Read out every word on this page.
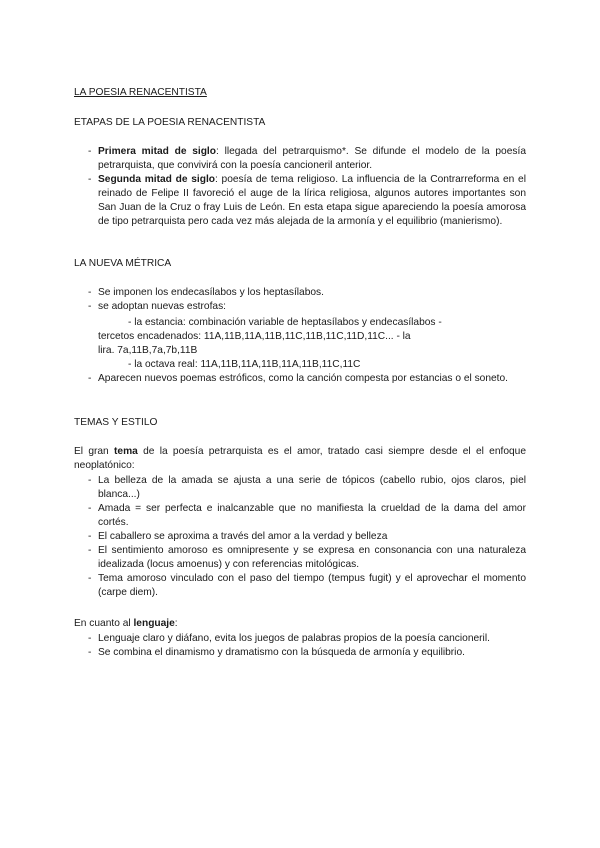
LA POESIA RENACENTISTA
ETAPAS DE LA POESIA RENACENTISTA
- Primera mitad de siglo: llegada del petrarquismo*. Se difunde el modelo de la poesía petrarquista, que convivirá con la poesía cancioneril anterior.
- Segunda mitad de siglo: poesía de tema religioso. La influencia de la Contrarreforma en el reinado de Felipe II favoreció el auge de la lírica religiosa, algunos autores importantes son San Juan de la Cruz o fray Luis de León. En esta etapa sigue apareciendo la poesía amorosa de tipo petrarquista pero cada vez más alejada de la armonía y el equilibrio (manierismo).
LA NUEVA MÉTRICA
- Se imponen los endecasílabos y los heptasílabos.
- se adoptan nuevas estrofas:
- la estancia: combinación variable de heptasílabos y endecasílabos -
tercetos encadenados: 11A,11B,11A,11B,11C,11B,11C,11D,11C... - la
lira. 7a,11B,7a,7b,11B
- la octava real: 11A,11B,11A,11B,11A,11B,11C,11C
- Aparecen nuevos poemas estróficos, como la canción compesta por estancias o el soneto.
TEMAS Y ESTILO
El gran tema de la poesía petrarquista es el amor, tratado casi siempre desde el el enfoque neoplatónico:
- La belleza de la amada se ajusta a una serie de tópicos (cabello rubio, ojos claros, piel blanca...)
- Amada = ser perfecta e inalcanzable que no manifiesta la crueldad de la dama del amor cortés.
- El caballero se aproxima a través del amor a la verdad y belleza
- El sentimiento amoroso es omnipresente y se expresa en consonancia con una naturaleza idealizada (locus amoenus) y con referencias mitológicas.
- Tema amoroso vinculado con el paso del tiempo (tempus fugit) y el aprovechar el momento (carpe diem).
En cuanto al lenguaje:
- Lenguaje claro y diáfano, evita los juegos de palabras propios de la poesía cancioneril.
- Se combina el dinamismo y dramatismo con la búsqueda de armonía y equilibrio.
